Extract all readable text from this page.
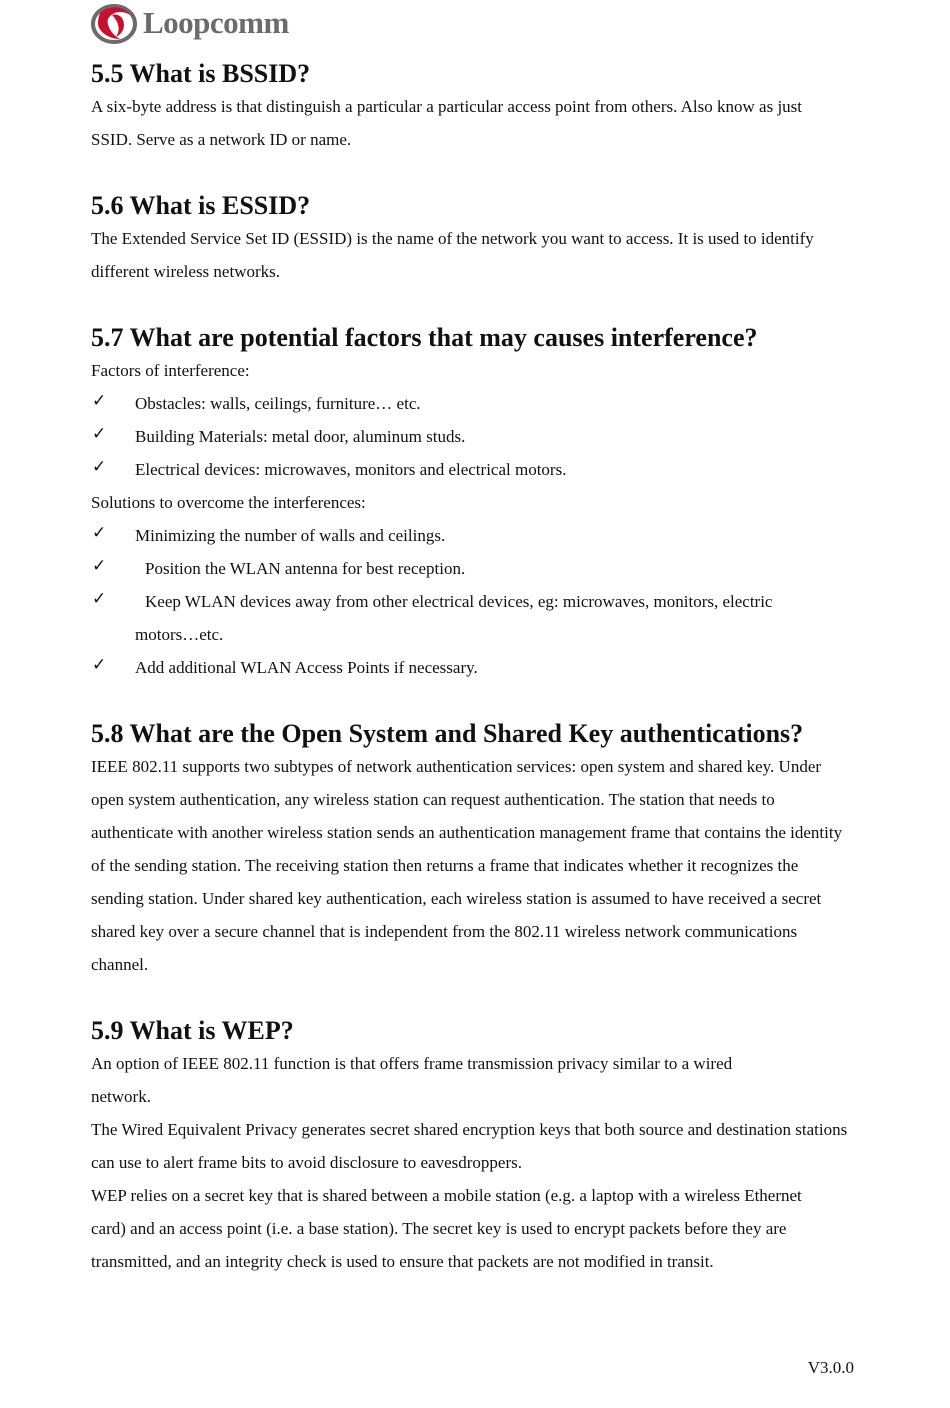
Loopcomm
5.5 What is BSSID?

A six-byte address is that distinguish a particular a particular access point from others. Also know as just SSID. Serve as a network ID or name.

5.6 What is ESSID?

The Extended Service Set ID (ESSID) is the name of the network you want to access. It is used to identify different wireless networks.

5.7 What are potential factors that may causes interference?

Factors of interference:

✓ Obstacles: walls, ceilings, furniture… etc.
✓ Building Materials: metal door, aluminum studs.
✓ Electrical devices: microwaves, monitors and electrical motors.

Solutions to overcome the interferences:

✓ Minimizing the number of walls and ceilings.
✓ Position the WLAN antenna for best reception.
✓ Keep WLAN devices away from other electrical devices, eg: microwaves, monitors, electric
motors…etc.
✓ Add additional WLAN Access Points if necessary.
5.8 What are the Open System and Shared Key authentications?

IEEE 802.11 supports two subtypes of network authentication services: open system and shared key. Under open system authentication, any wireless station can request authentication. The station that needs to authenticate with another wireless station sends an authentication management frame that contains the identity of the sending station. The receiving station then returns a frame that indicates whether it recognizes the sending station. Under shared key authentication, each wireless station is assumed to have received a secret shared key over a secure channel that is independent from the 802.11 wireless network communications channel.

5.9 What is WEP?

An option of IEEE 802.11 function is that offers frame transmission privacy similar to a wired network.

The Wired Equivalent Privacy generates secret shared encryption keys that both source and destination stations can use to alert frame bits to avoid disclosure to eavesdroppers.

WEP relies on a secret key that is shared between a mobile station (e.g. a laptop with a wireless Ethernet card) and an access point (i.e. a base station). The secret key is used to encrypt packets before they are transmitted, and an integrity check is used to ensure that packets are not modified in transit.

V3.0.0
